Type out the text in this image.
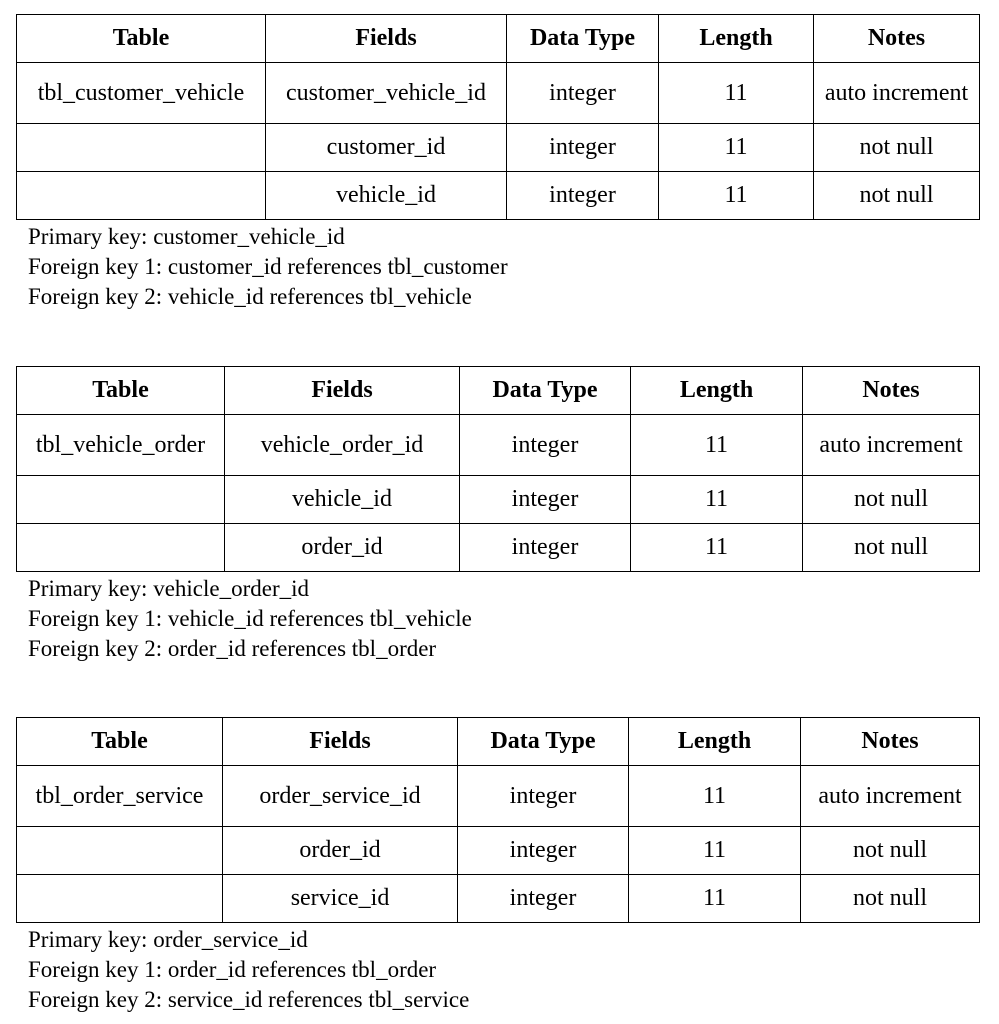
Table	Fields	Data Type	Length	Notes
tbl_customer_vehicle	customer_vehicle_id	integer	11	auto increment
	customer_id	integer	11	not null
	vehicle_id	integer	11	not null
Primary key: customer_vehicle_id
Foreign key 1: customer_id references tbl_customer
Foreign key 2: vehicle_id references tbl_vehicle
Table	Fields	Data Type	Length	Notes
tbl_vehicle_order	vehicle_order_id	integer	11	auto increment
	vehicle_id	integer	11	not null
	order_id	integer	11	not null
Primary key: vehicle_order_id
Foreign key 1: vehicle_id references tbl_vehicle
Foreign key 2: order_id references tbl_order
Table	Fields	Data Type	Length	Notes
tbl_order_service	order_service_id	integer	11	auto increment
	order_id	integer	11	not null
	service_id	integer	11	not null
Primary key: order_service_id
Foreign key 1: order_id references tbl_order
Foreign key 2: service_id references tbl_service
